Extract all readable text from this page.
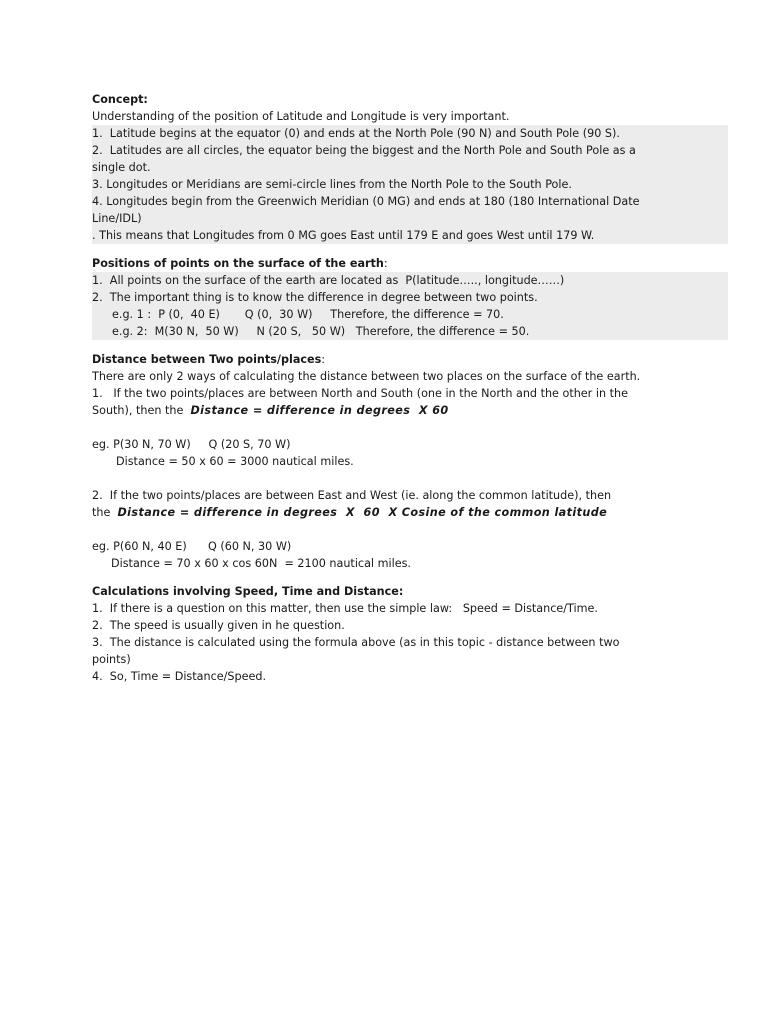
Concept:
Understanding of the position of Latitude and Longitude is very important.
1.  Latitude begins at the equator (0) and ends at the North Pole (90 N) and South Pole (90 S).
2.  Latitudes are all circles, the equator being the biggest and the North Pole and South Pole as a
single dot.
3. Longitudes or Meridians are semi-circle lines from the North Pole to the South Pole.
4. Longitudes begin from the Greenwich Meridian (0 MG) and ends at 180 (180 International Date
Line/IDL)
. This means that Longitudes from 0 MG goes East until 179 E and goes West until 179 W.
Positions of points on the surface of the earth:
1.  All points on the surface of the earth are located as  P(latitude….., longitude……)
2.  The important thing is to know the difference in degree between two points.
e.g. 1 :  P (0,  40 E)       Q (0,  30 W)     Therefore, the difference = 70.
e.g. 2:  M(30 N,  50 W)     N (20 S,   50 W)   Therefore, the difference = 50.
Distance between Two points/places:
There are only 2 ways of calculating the distance between two places on the surface of the earth.
1.   If the two points/places are between North and South (one in the North and the other in the
South), then the  Distance = difference in degrees  X 60
eg. P(30 N, 70 W)     Q (20 S, 70 W)
Distance = 50 x 60 = 3000 nautical miles.
2.  If the two points/places are between East and West (ie. along the common latitude), then
the  Distance = difference in degrees  X  60  X Cosine of the common latitude
eg. P(60 N, 40 E)      Q (60 N, 30 W)
Distance = 70 x 60 x cos 60N  = 2100 nautical miles.
Calculations involving Speed, Time and Distance:
1.  If there is a question on this matter, then use the simple law:   Speed = Distance/Time.
2.  The speed is usually given in he question.
3.  The distance is calculated using the formula above (as in this topic - distance between two
points)
4.  So, Time = Distance/Speed.
